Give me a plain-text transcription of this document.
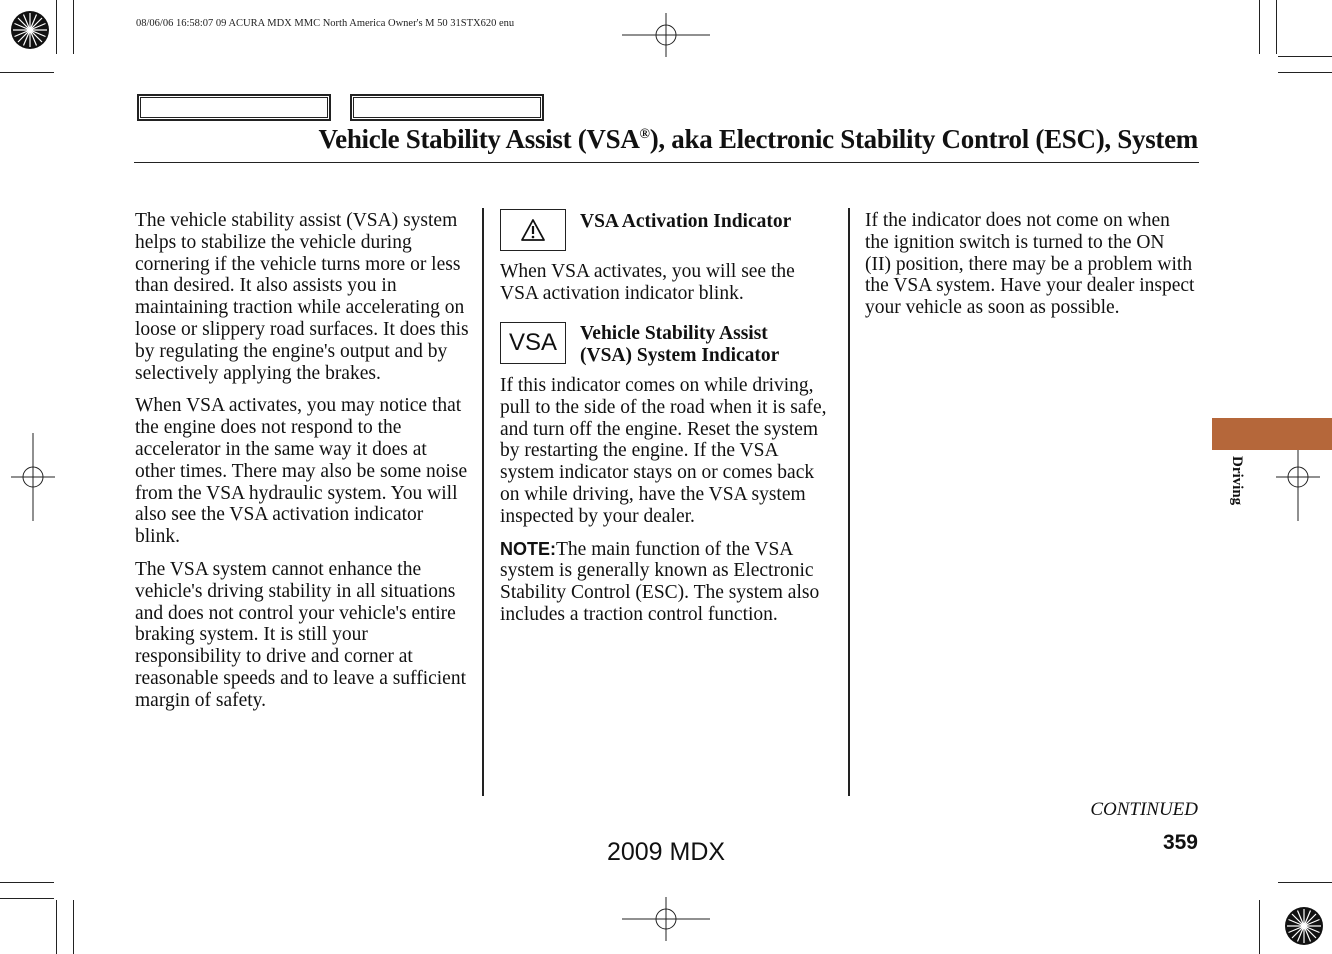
08/06/06 16:58:07 09 ACURA MDX MMC North America Owner's M 50 31STX620 enu
Vehicle Stability Assist (VSA®), aka Electronic Stability Control (ESC), System

The vehicle stability assist (VSA) system helps to stabilize the vehicle during cornering if the vehicle turns more or less than desired. It also assists you in maintaining traction while accelerating on loose or slippery road surfaces. It does this by regulating the engine's output and by selectively applying the brakes.

When VSA activates, you may notice that the engine does not respond to the accelerator in the same way it does at other times. There may also be some noise from the VSA hydraulic system. You will also see the VSA activation indicator blink.

The VSA system cannot enhance the vehicle's driving stability in all situations and does not control your vehicle's entire braking system. It is still your responsibility to drive and corner at reasonable speeds and to leave a sufficient margin of safety.

VSA Activation Indicator
When VSA activates, you will see the VSA activation indicator blink.
VSA Vehicle Stability Assist
(VSA) System Indicator

If this indicator comes on while driving, pull to the side of the road when it is safe, and turn off the engine. Reset the system by restarting the engine. If the VSA system indicator stays on or comes back on while driving, have the VSA system inspected by your dealer.

NOTE:The main function of the VSA system is generally known as Electronic Stability Control (ESC). The system also includes a traction control function.

If the indicator does not come on when the ignition switch is turned to the ON (II) position, there may be a problem with the VSA system. Have your dealer inspect your vehicle as soon as possible.
Driving
CONTINUED
359
2009 MDX
